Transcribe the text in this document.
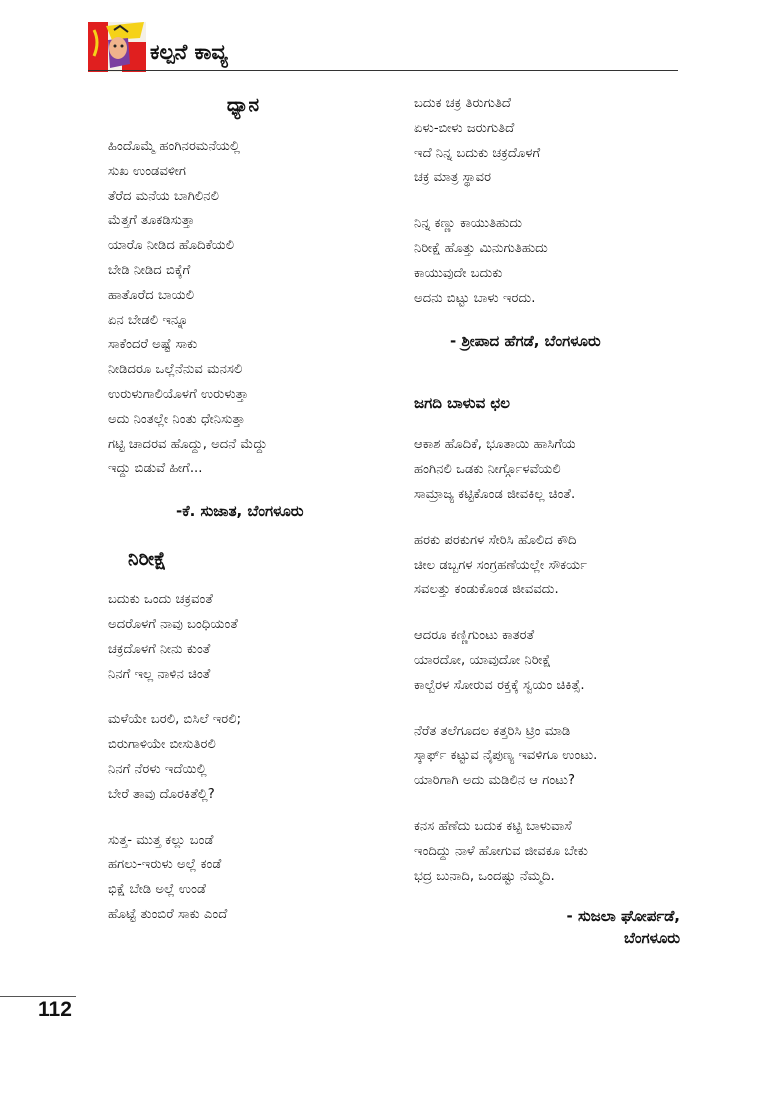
ಕಲ್ಪನೆ ಕಾವ್ಯ
ಧ್ಯಾನ
ಹಿಂದೊಮ್ಮೆ ಹಂಗಿನರಮನೆಯಲ್ಲಿ
ಸುಖ ಉಂಡವಳೀಗ
ತೆರೆದ ಮನೆಯ ಬಾಗಿಲಿನಲಿ
ಮೆತ್ತಗೆ ತೂಕಡಿಸುತ್ತಾ
ಯಾರೊ ನೀಡಿದ ಹೊದಿಕೆಯಲಿ
ಬೇಡಿ ನೀಡಿದ ಬಿಕ್ಕೆಗೆ
ಹಾತೊರೆದ ಬಾಯಲಿ
ಏನ ಬೇಡಲಿ ಇನ್ನೂ
ಸಾಕೆಂದರೆ ಅಷ್ಟೆ ಸಾಕು
ನೀಡಿದರೂ ಒಲ್ಲೆನೆನುವ ಮನಸಲಿ
ಉರುಳುಗಾಲಿಯೊಳಗೆ ಉರುಳುತ್ತಾ
ಅದು ನಿಂತಲ್ಲೇ ನಿಂತು ಧೇನಿಸುತ್ತಾ
ಗಟ್ಟಿ ಚಾದರವ ಹೊದ್ದು, ಅದನೆ ಮೆದ್ದು
ಇದ್ದು ಬಿಡುವೆ ಹೀಗೆ...
-ಕೆ. ಸುಜಾತ, ಬೆಂಗಳೂರು
ನಿರೀಕ್ಷೆ
ಬದುಕು ಒಂದು ಚಕ್ರವಂತೆ
ಅದರೊಳಗೆ ನಾವು ಬಂಧಿಯಂತೆ
ಚಕ್ರದೊಳಗೆ ನೀನು ಕುಂತೆ
ನಿನಗೆ ಇಲ್ಲ ನಾಳಿನ ಚಿಂತೆ
ಮಳೆಯೇ ಬರಲಿ, ಬಿಸಿಲೆ ಇರಲಿ;
ಬಿರುಗಾಳಿಯೇ ಬೀಸುತಿರಲಿ
ನಿನಗೆ ನೆರಳು ಇದೆಯಿಲ್ಲಿ
ಬೇರೆ ತಾವು ದೊರಕಿತೆಲ್ಲಿ?
ಸುತ್ತ- ಮುತ್ತ ಕಲ್ಲು ಬಂಡೆ
ಹಗಲು-ಇರುಳು ಅಲ್ಲೆ ಕಂಡೆ
ಭಿಕ್ಷೆ ಬೇಡಿ ಅಲ್ಲೆ ಉಂಡೆ
ಹೊಟ್ಟೆ ತುಂಬಿರೆ ಸಾಕು ಎಂದೆ
ಬದುಕ ಚಕ್ರ ತಿರುಗುತಿದೆ
ಏಳು-ಬೀಳು ಜರುಗುತಿದೆ
ಇದೆ ನಿನ್ನ ಬದುಕು ಚಕ್ರದೊಳಗೆ
ಚಕ್ರ ಮಾತ್ರ ಸ್ಥಾವರ
ನಿನ್ನ ಕಣ್ಣು ಕಾಯುತಿಹುದು
ನಿರೀಕ್ಷೆ ಹೊತ್ತು ಮಿನುಗುತಿಹುದು
ಕಾಯುವುದೇ ಬದುಕು
ಅದನು ಬಿಟ್ಟು ಬಾಳು ಇರದು.
- ಶ್ರೀಪಾದ ಹೆಗಡೆ, ಬೆಂಗಳೂರು
ಜಗದಿ ಬಾಳುವ ಛಲ
ಆಕಾಶ ಹೊದಿಕೆ, ಭೂತಾಯಿ ಹಾಸಿಗೆಯ
ಹಂಗಿನಲಿ ಒಡಕು ನೀರ್ಗ್ಗೊಳವೆಯಲಿ
ಸಾಮ್ರಾಜ್ಯ ಕಟ್ಟಿಕೊಂಡ ಜೀವಕಿಲ್ಲ ಚಿಂತೆ.
ಹರಕು ಪರಕುಗಳ ಸೇರಿಸಿ ಹೊಲಿದ ಕೌದಿ
ಚೀಲ ಡಬ್ಬಗಳ ಸಂಗ್ರಹಣೆಯಲ್ಲೇ ಸೌಕರ್ಯ
ಸವಲತ್ತು ಕಂಡುಕೊಂಡ ಜೀವವದು.
ಆದರೂ ಕಣ್ಣಿಗುಂಟು ಕಾತರತೆ
ಯಾರದೋ, ಯಾವುದೋ ನಿರೀಕ್ಷೆ
ಕಾಲ್ಬೆರಳ ಸೋರುವ ರಕ್ತಕ್ಕೆ ಸ್ವಯಂ ಚಿಕಿತ್ಸೆ.
ನೆರೆತ ತಲೆಗೂದಲ ಕತ್ತರಿಸಿ ಟ್ರಿಂ ಮಾಡಿ
ಸ್ಕಾರ್ಫ್ ಕಟ್ಟುವ ನೈಪುಣ್ಯ ಇವಳಿಗೂ ಉಂಟು.
ಯಾರಿಗಾಗಿ ಅದು ಮಡಿಲಿನ ಆ ಗಂಟು?
ಕನಸ ಹೆಣೆದು ಬದುಕ ಕಟ್ಟಿ ಬಾಳುವಾಸೆ
ಇಂದಿದ್ದು ನಾಳೆ ಹೋಗುವ ಜೀವಕೂ ಬೇಕು
ಭದ್ರ ಬುನಾದಿ, ಒಂದಷ್ಟು ನೆಮ್ಮದಿ.
- ಸುಜಲಾ ಘೋರ್ಪಡೆ,
ಬೆಂಗಳೂರು
112
